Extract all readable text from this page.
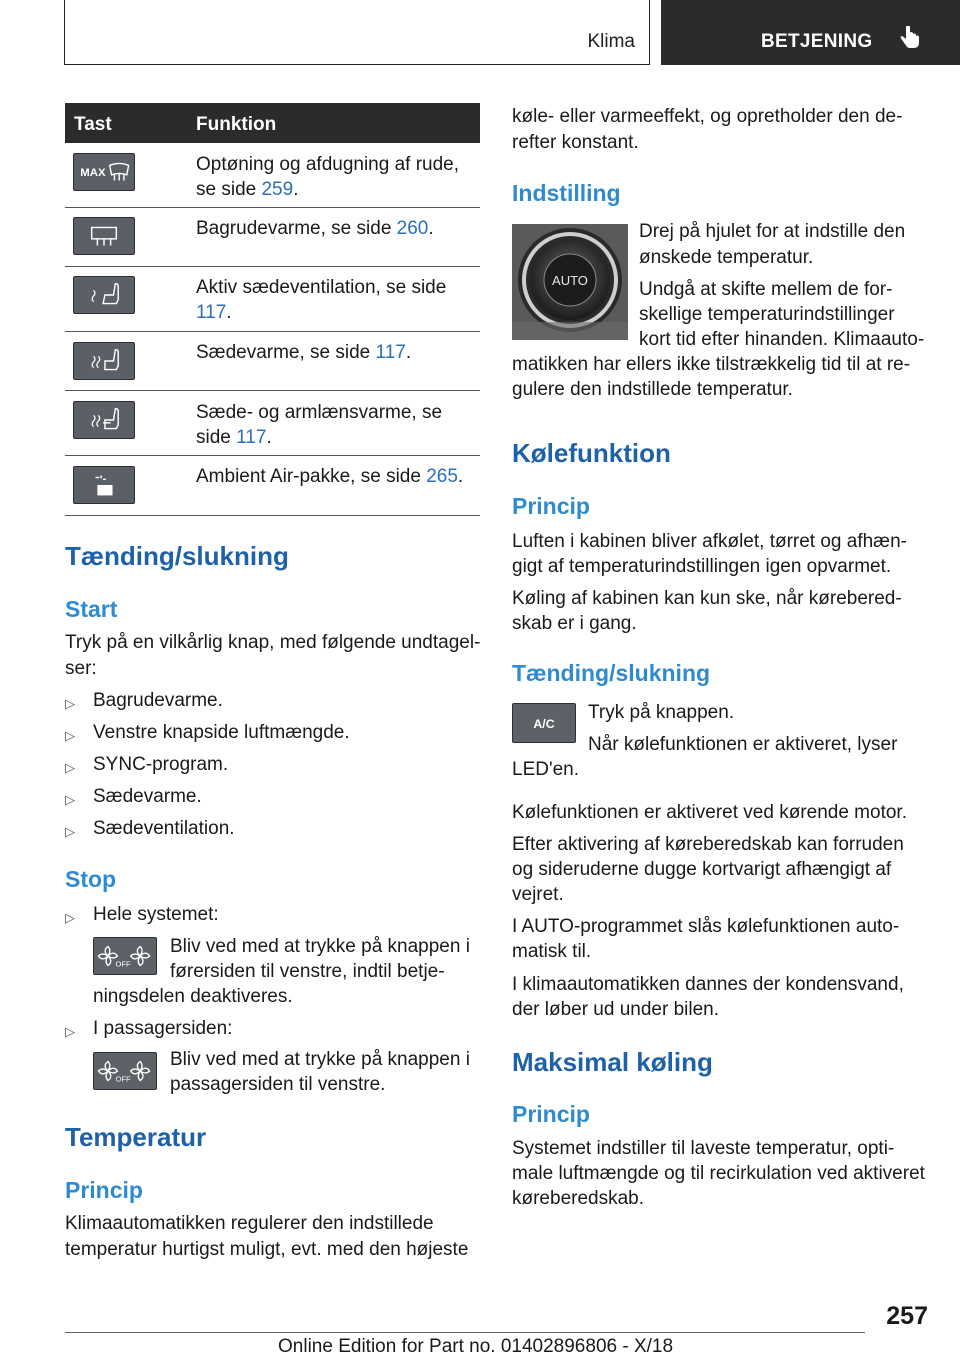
Klima	BETJENING
Tast	Funktion
MAX	Optøning og afdugning af rude, se side 259.
Bagrudevarme, se side 260.
Aktiv sædeventilation, se side 117.
Sædevarme, se side 117.
Sæde- og armlænsvarme, se side 117.
Ambient Air-pakke, se side 265.
Tænding/slukning
Start
Tryk på en vilkårlig knap, med følgende undtagel-
ser:
▷ Bagrudevarme.
▷ Venstre knapside luftmængde.
▷ SYNC-program.
▷ Sædevarme.
▷ Sædeventilation.
Stop
▷ Hele systemet:
OFF
Bliv ved med at trykke på knappen i
førersiden til venstre, indtil betje-
ningsdelen deaktiveres.
▷ I passagersiden:
OFF
Bliv ved med at trykke på knappen i
passagersiden til venstre.
Temperatur
Princip
Klimaautomatikken regulerer den indstillede
temperatur hurtigst muligt, evt. med den højeste
køle- eller varmeeffekt, og opretholder den de-
refter konstant.
Indstilling
AUTO
Drej på hjulet for at indstille den
ønskede temperatur.
Undgå at skifte mellem de for-
skellige temperaturindstillinger
kort tid efter hinanden. Klimaauto-
matikken har ellers ikke tilstrækkelig tid til at re-
gulere den indstillede temperatur.
Kølefunktion
Princip
Luften i kabinen bliver afkølet, tørret og afhæn-
gigt af temperaturindstillingen igen opvarmet.
Køling af kabinen kan kun ske, når kørebered-
skab er i gang.
Tænding/slukning
A/C
Tryk på knappen.
Når kølefunktionen er aktiveret, lyser
LED'en.
Kølefunktionen er aktiveret ved kørende motor.
Efter aktivering af køreberedskab kan forruden
og sideruderne dugge kortvarigt afhængigt af
vejret.
I AUTO-programmet slås kølefunktionen auto-
matisk til.
I klimaautomatikken dannes der kondensvand,
der løber ud under bilen.
Maksimal køling
Princip
Systemet indstiller til laveste temperatur, opti-
male luftmængde og til recirkulation ved aktiveret
køreberedskab.
257
Online Edition for Part no. 01402896806 - X/18
